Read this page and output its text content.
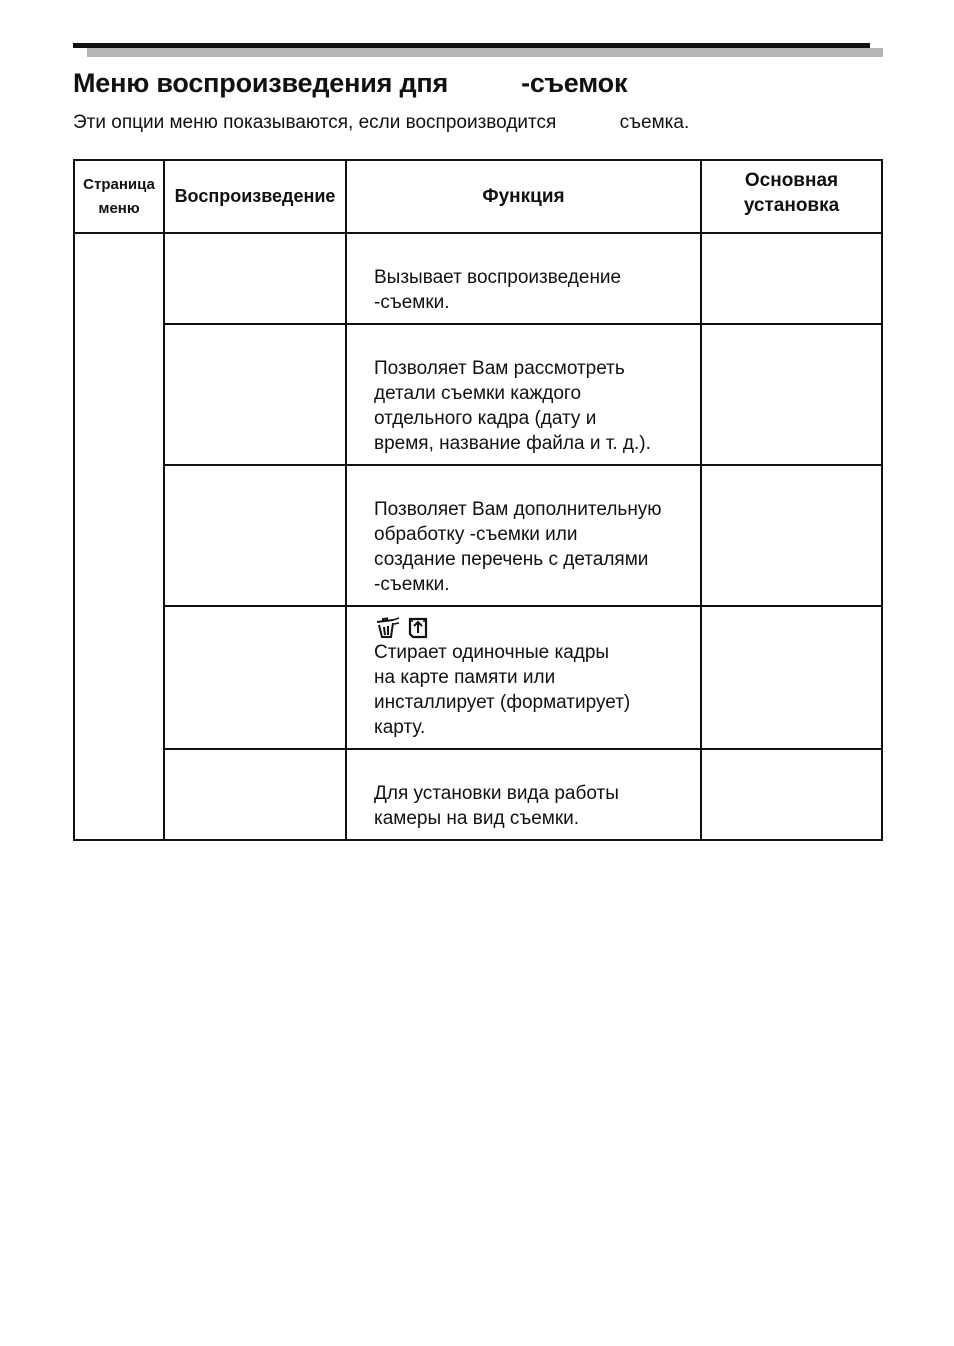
Меню воспроизведения дпя          -съемок

Эти опции меню показываются, если воспроизводится            съемка.

Страница меню	Воспроизведение	Функция	Основная установка

		Вызывает воспроизведение
-съемки.	

		Позволяет Вам рассмотреть
детали съемки каждого
отдельного кадра (дату и
время, название файла и т. д.).	

		Позволяет Вам дополнительную
обработку -съемки или
создание перечень с деталями
-съемки.	

		Стирает одиночные кадры
на карте памяти или
инсталлирует (форматирует)
карту.	

		Для установки вида работы
камеры на вид съемки.	
